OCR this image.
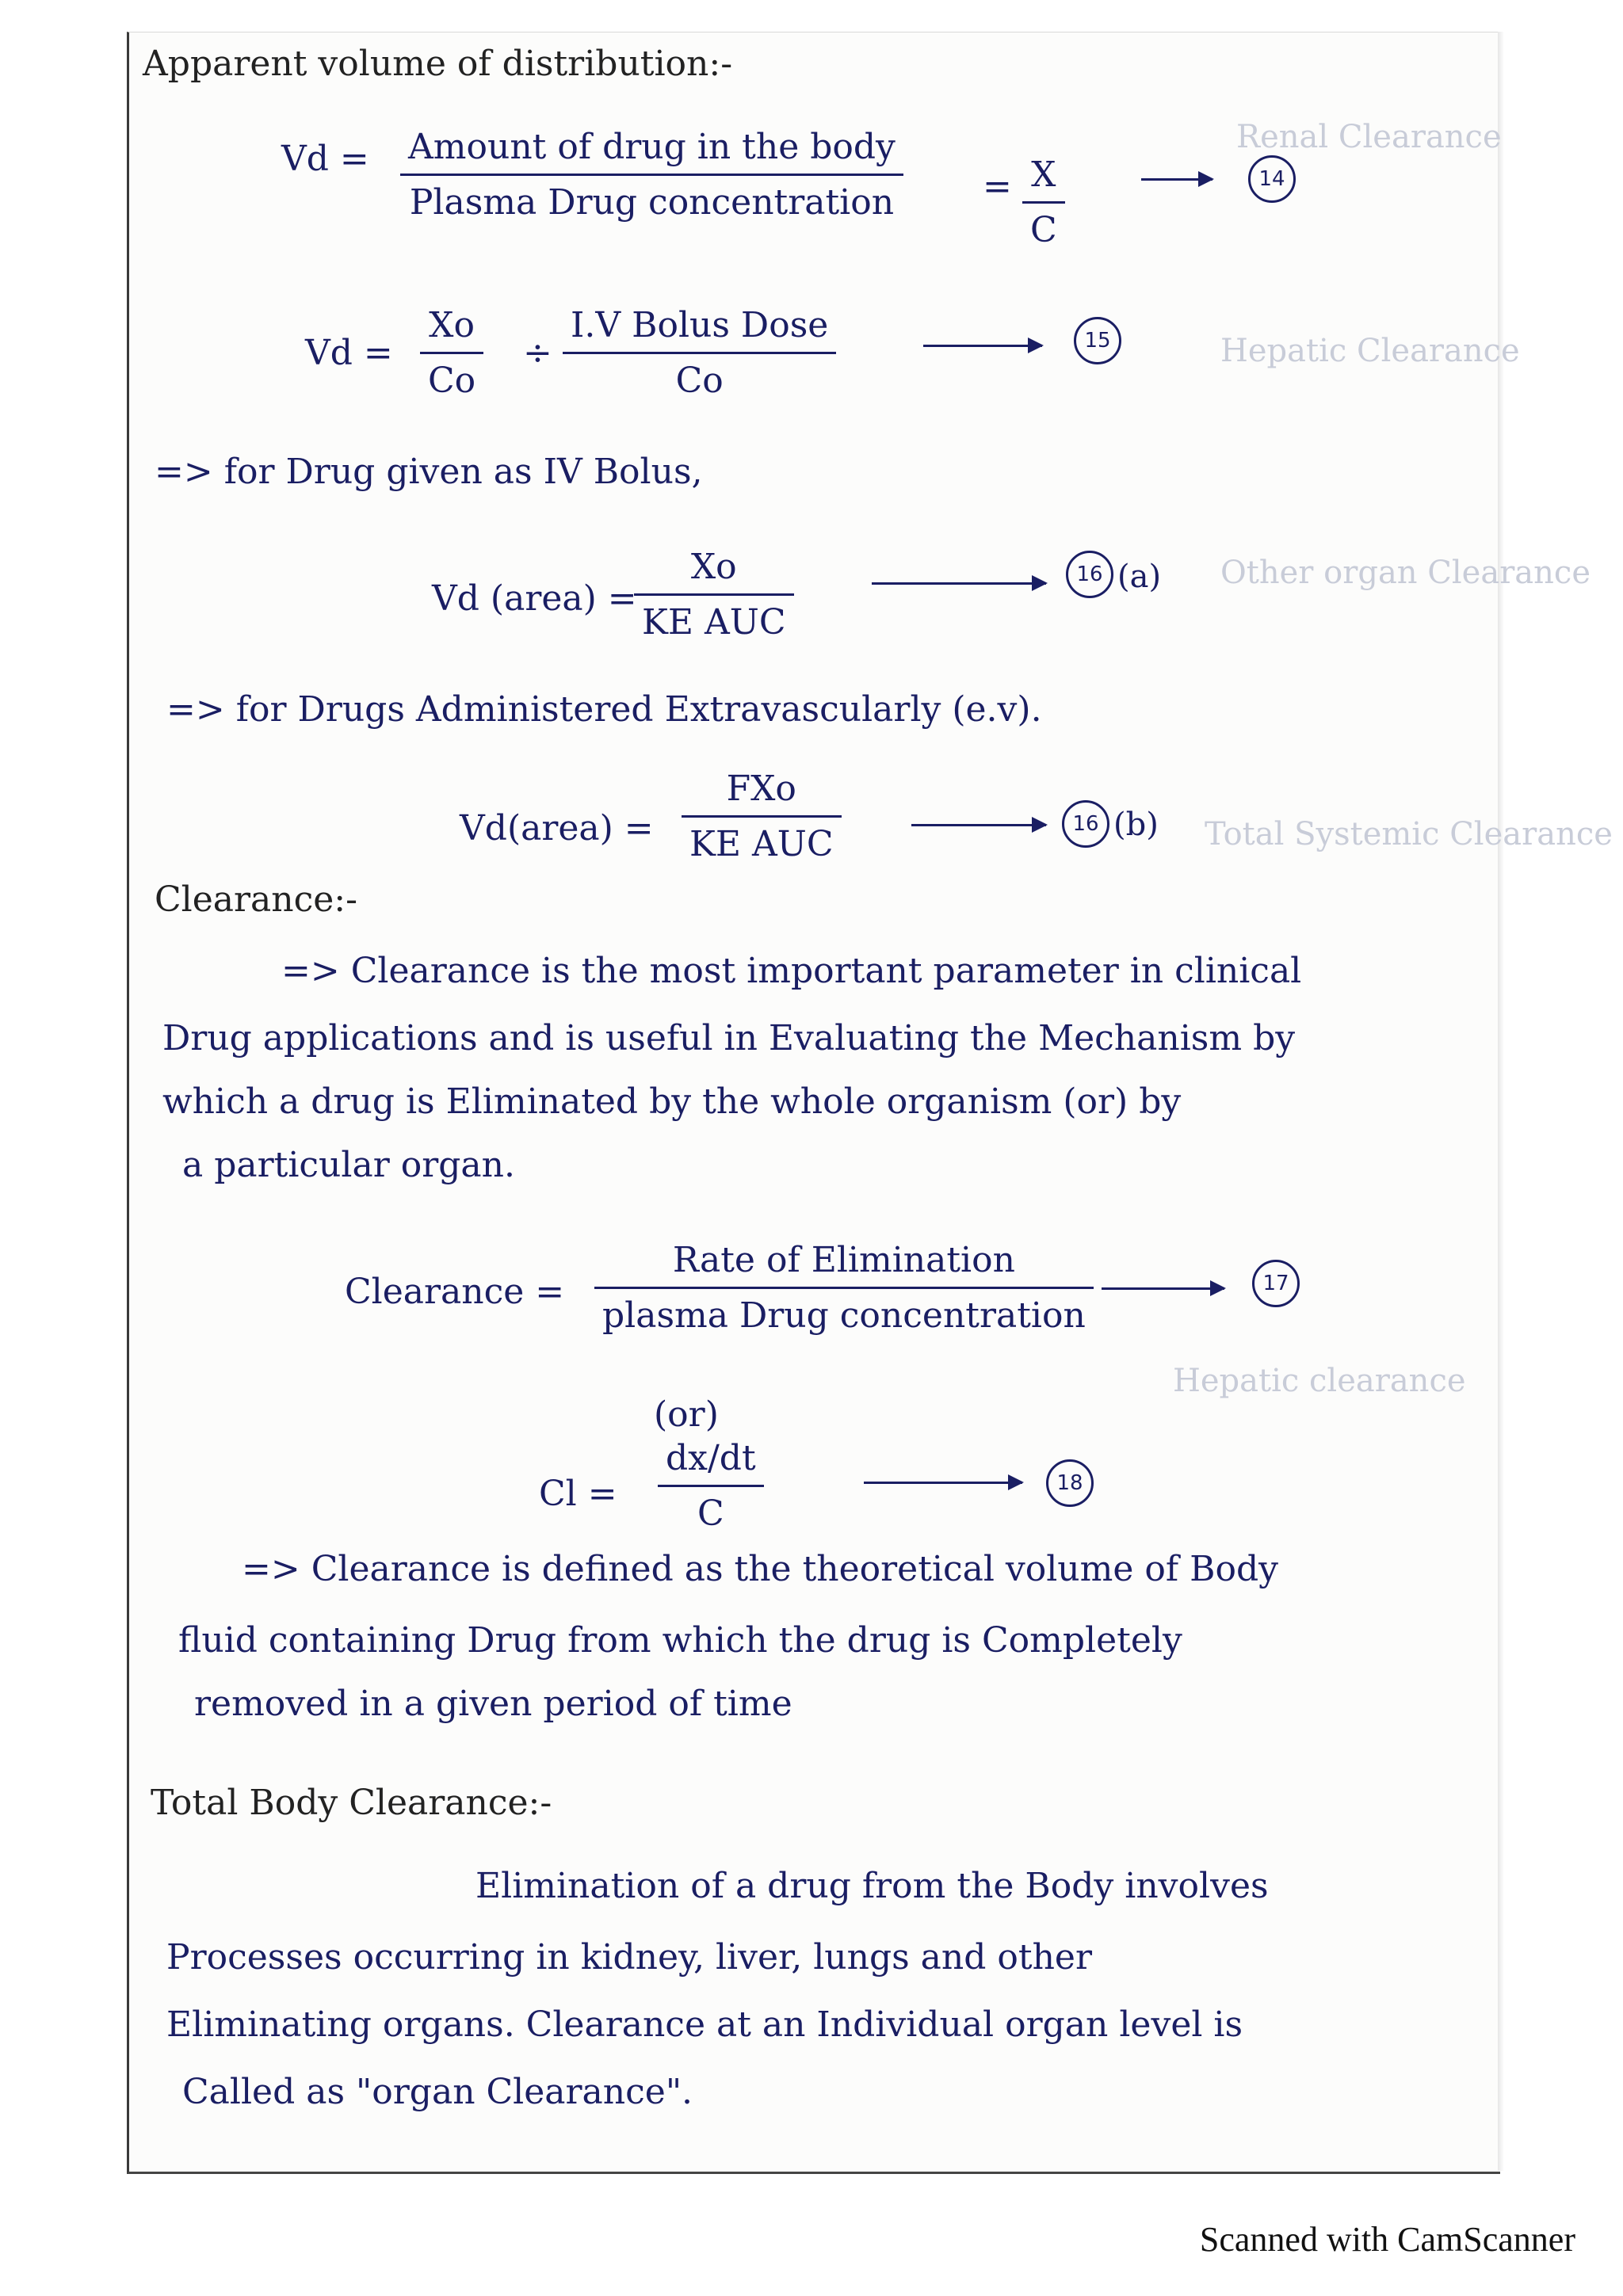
Renal Clearance
Hepatic Clearance
Other organ Clearance
Total Systemic Clearance
Hepatic clearance
Apparent volume of distribution:-
Vd = Amount of drug in the body
Plasma Drug concentration	= X
C
14
Vd =
Xo
Co
÷
I.V Bolus Dose
Co
15
=> for Drug given as IV Bolus,
Vd (area) =
Xo
KE AUC
16 (a)
=> for Drugs Administered Extravascularly (e.v).
Vd(area) =
FXo
KE AUC	16 (b)
Clearance:-
=> Clearance is the most important parameter in clinical
Drug applications and is useful in Evaluating the Mechanism by
which a drug is Eliminated by the whole organism (or) by
a particular organ.
Clearance =
Rate of Elimination
plasma Drug concentration
17
(or)
Cl =
dx/dt
C
18
=> Clearance is defined as the theoretical volume of Body
fluid containing Drug from which the drug is Completely
removed in a given period of time
Total Body Clearance:-
Elimination of a drug from the Body involves
Processes occurring in kidney, liver, lungs and other
Eliminating organs. Clearance at an Individual organ level is
Called as "organ Clearance".
Scanned with CamScanner
